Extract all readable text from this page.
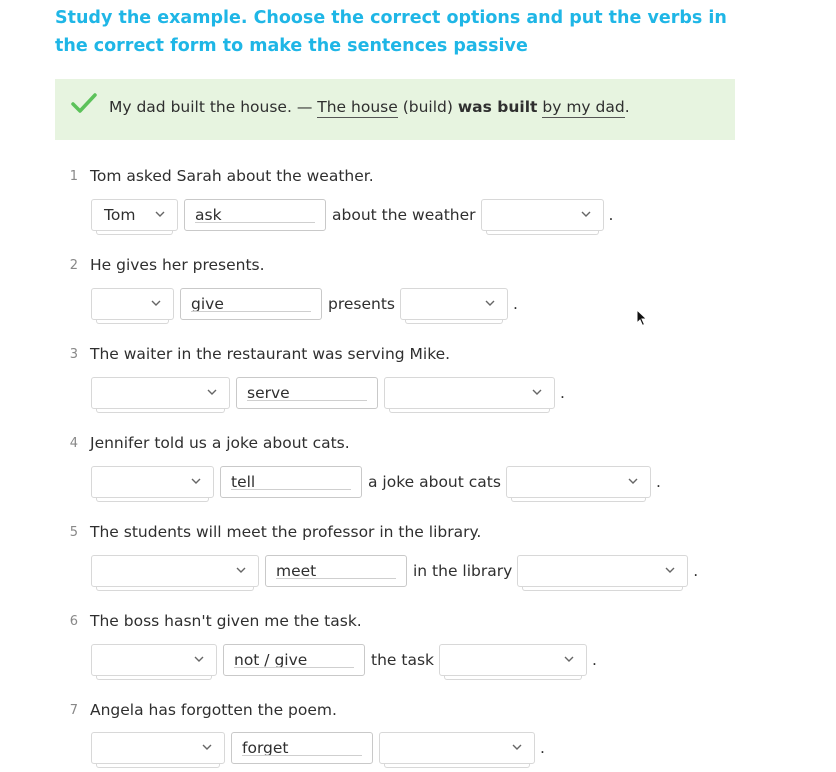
Study the example. Choose the correct options and put the verbs in the correct form to make the sentences passive
My dad built the house. — The house (build) was built by my dad.
1 Tom asked Sarah about the weather.
Tom	ask	about the weather	.
2 He gives her presents.
give	presents	.
3 The waiter in the restaurant was serving Mike.
serve	.
4 Jennifer told us a joke about cats.
tell	a joke about cats	.
5 The students will meet the professor in the library.
meet	in the library	.
6 The boss hasn't given me the task.
not / give	the task	.
7 Angela has forgotten the poem.
forget	.
